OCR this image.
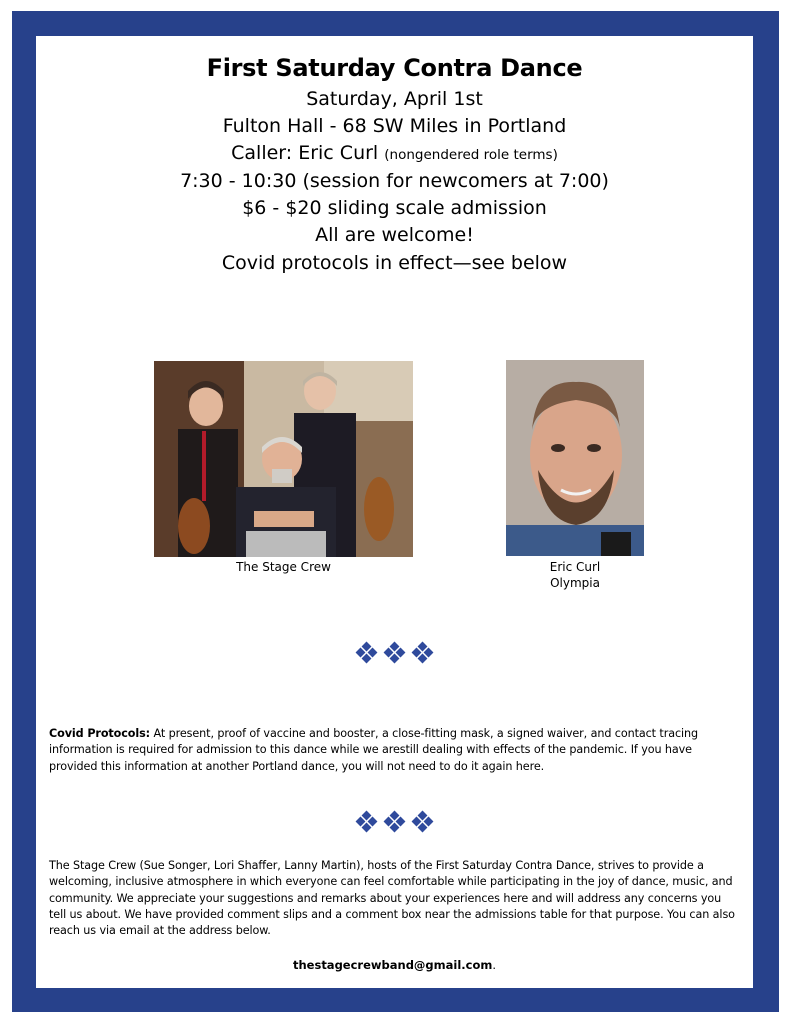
First Saturday Contra Dance
Saturday, April 1st
Fulton Hall - 68 SW Miles in Portland
Caller: Eric Curl (nongendered role terms)
7:30 - 10:30 (session for newcomers at 7:00)
$6 - $20 sliding scale admission
All are welcome!
Covid protocols in effect—see below
The Stage Crew	Eric Curl
Olympia
Covid Protocols: At present, proof of vaccine and booster, a close-fitting mask, a signed waiver, and contact tracing information is required for admission to this dance while we arestill dealing with effects of the pandemic. If you have provided this information at another Portland dance, you will not need to do it again here.
The Stage Crew (Sue Songer, Lori Shaffer, Lanny Martin), hosts of the First Saturday Contra Dance, strives to provide a welcoming, inclusive atmosphere in which everyone can feel comfortable while participating in the joy of dance, music, and community. We appreciate your suggestions and remarks about your experiences here and will address any concerns you tell us about. We have provided comment slips and a comment box near the admissions table for that purpose. You can also reach us via email at the address below.
thestagecrewband@gmail.com.
